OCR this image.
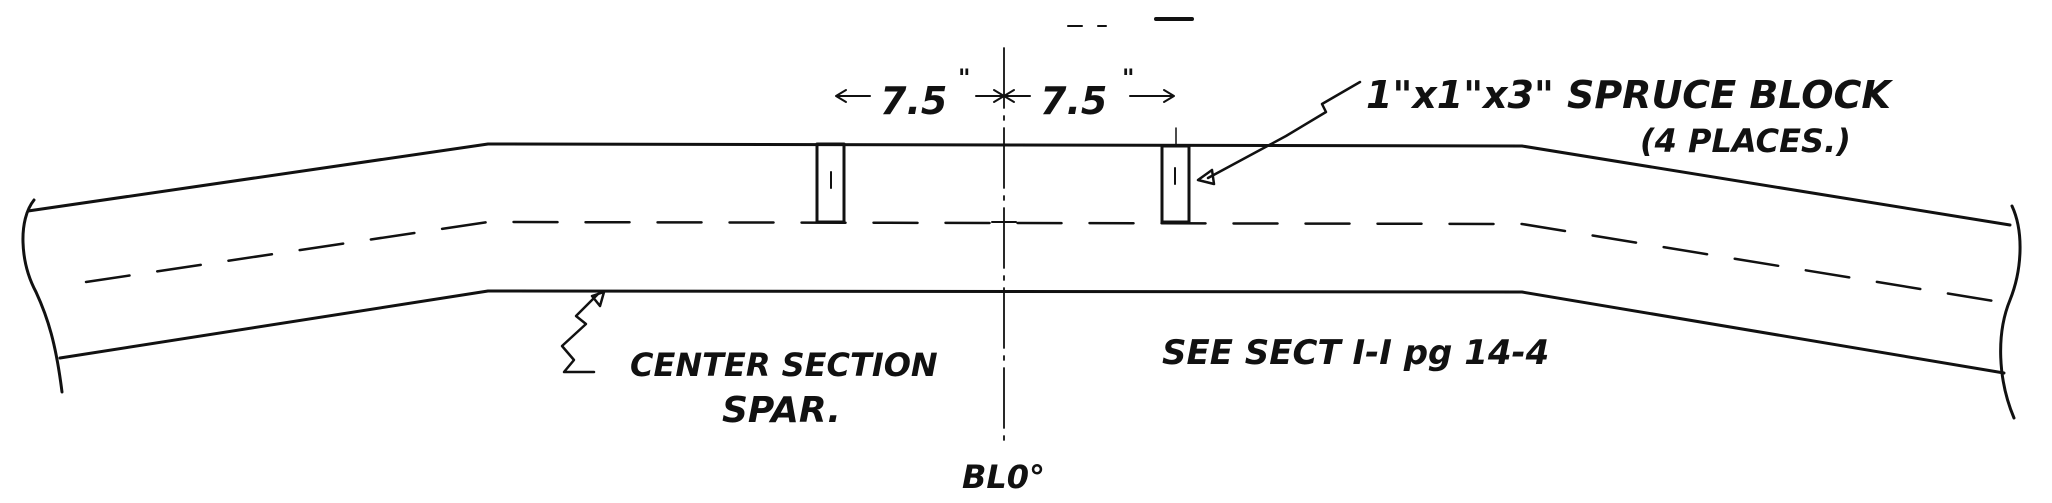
7.5
"
7.5
"	1"x1"x3" SPRUCE BLOCK
(4 PLACES.)
CENTER SECTION
SPAR.
SEE SECT I-I pg 14-4
BL0°
